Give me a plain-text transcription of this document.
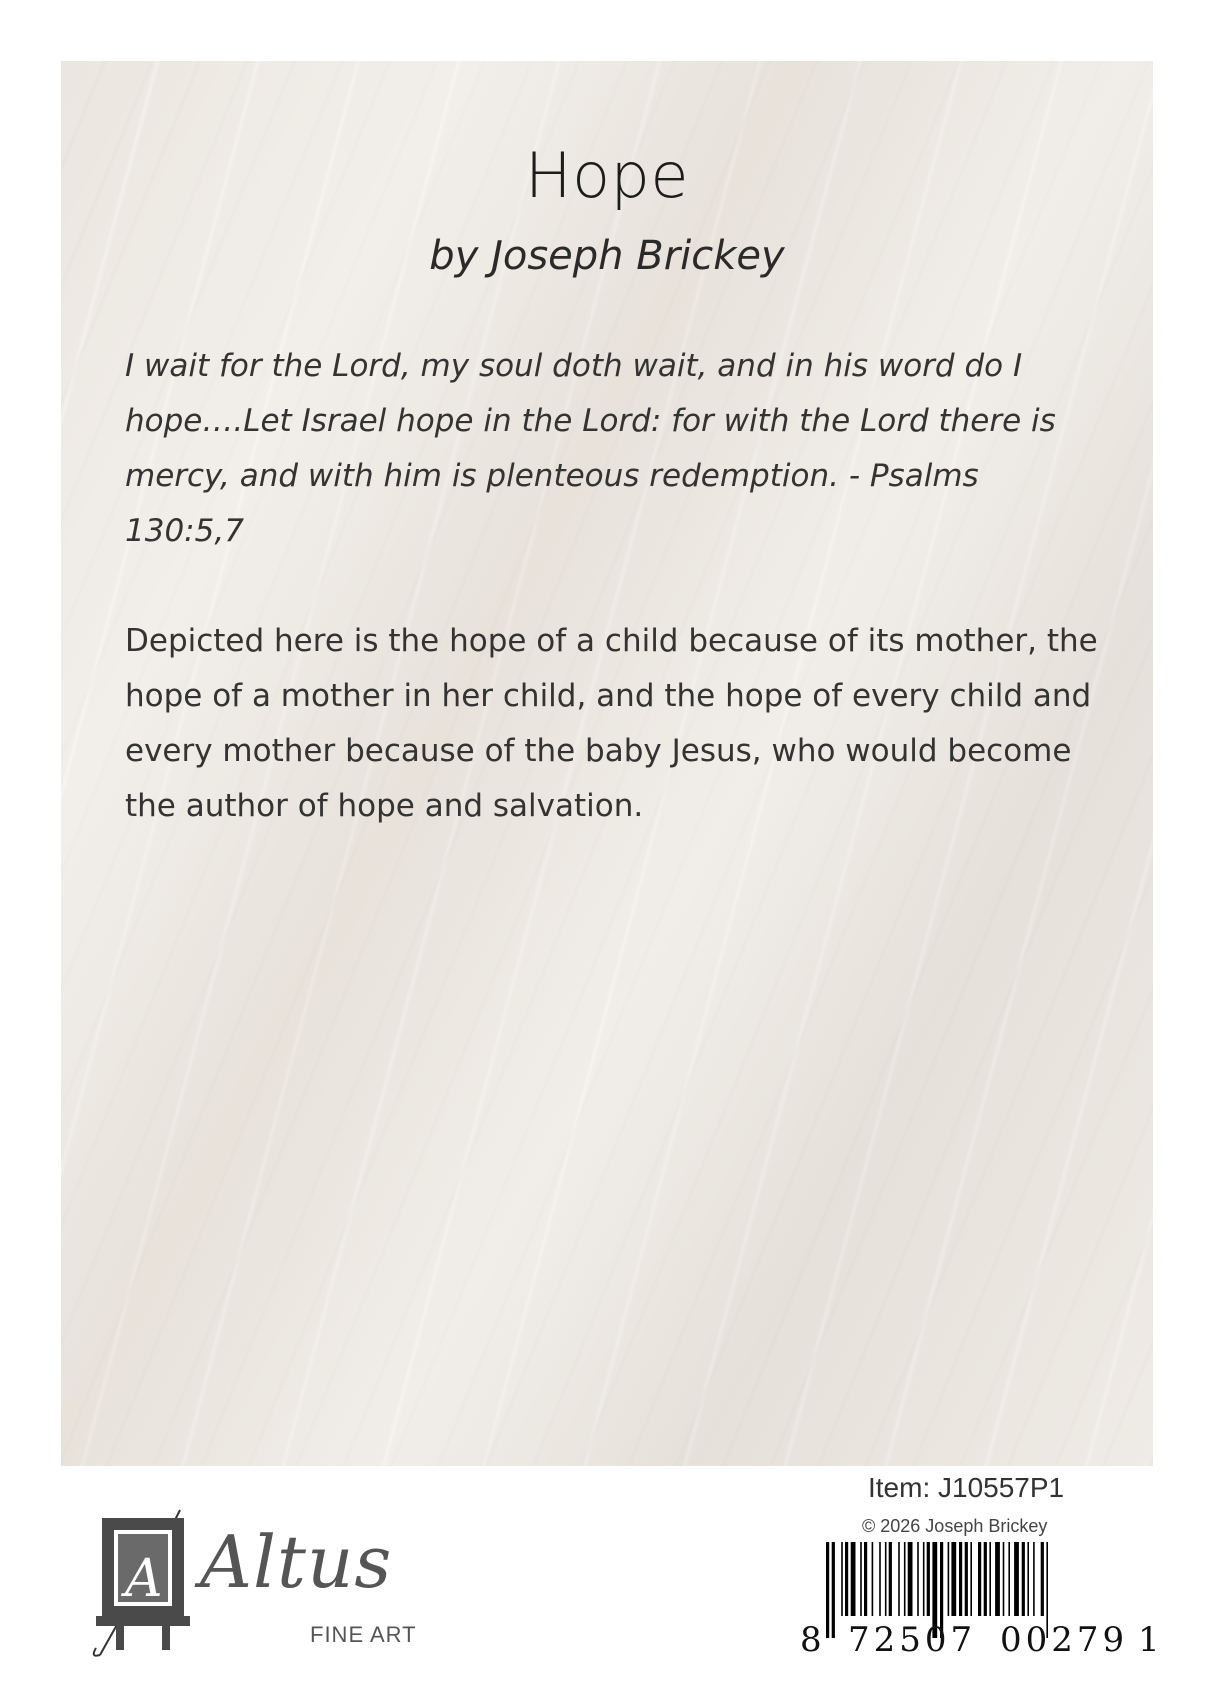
Hope
by Joseph Brickey

I wait for the Lord, my soul doth wait, and in his word do I hope….Let Israel hope in the Lord: for with the Lord there is mercy, and with him is plenteous redemption. - Psalms 130:5,7

Depicted here is the hope of a child because of its mother, the hope of a mother in her child, and the hope of every child and every mother because of the baby Jesus, who would become the author of hope and salvation.

A Altus
FINE ART
Item: J10557P1
© 2026 Joseph Brickey
8 72507 00279 1
